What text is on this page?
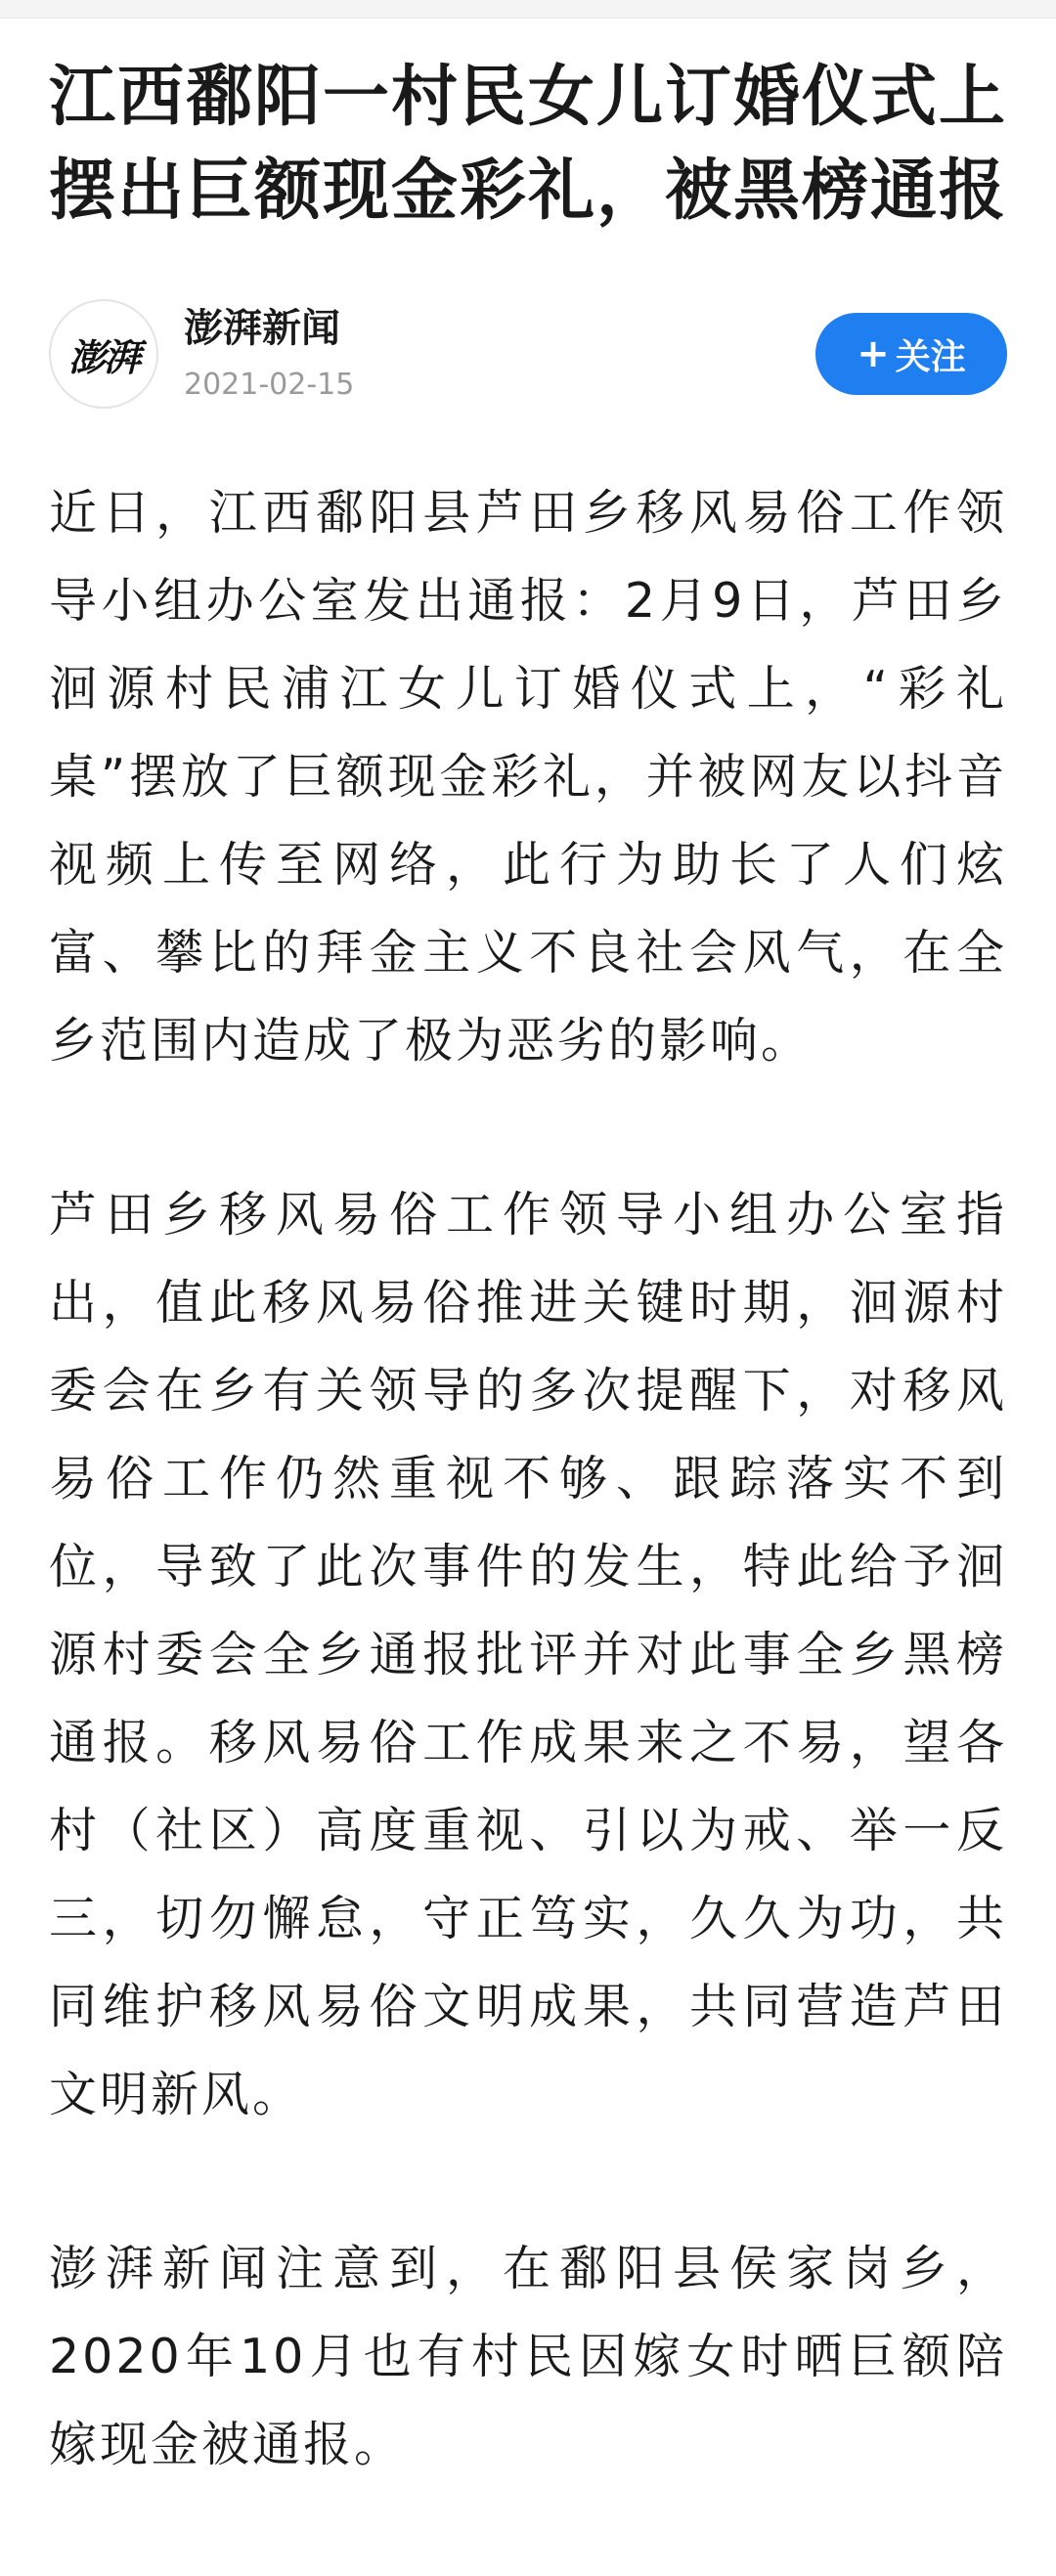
江西鄱阳一村民女儿订婚仪式上摆出巨额现金彩礼，被黑榜通报
澎湃
澎湃新闻
2021-02-15
+ 关注

近日，江西鄱阳县芦田乡移风易俗工作领导小组办公室发出通报：2月9日，芦田乡洄源村民浦江女儿订婚仪式上，“彩礼桌”摆放了巨额现金彩礼，并被网友以抖音视频上传至网络，此行为助长了人们炫富、攀比的拜金主义不良社会风气，在全乡范围内造成了极为恶劣的影响。

芦田乡移风易俗工作领导小组办公室指出，值此移风易俗推进关键时期，洄源村委会在乡有关领导的多次提醒下，对移风易俗工作仍然重视不够、跟踪落实不到位，导致了此次事件的发生，特此给予洄源村委会全乡通报批评并对此事全乡黑榜通报。移风易俗工作成果来之不易，望各村（社区）高度重视、引以为戒、举一反三，切勿懈怠，守正笃实，久久为功，共同维护移风易俗文明成果，共同营造芦田文明新风。

澎湃新闻注意到，在鄱阳县侯家岗乡，2020年10月也有村民因嫁女时晒巨额陪嫁现金被通报。
